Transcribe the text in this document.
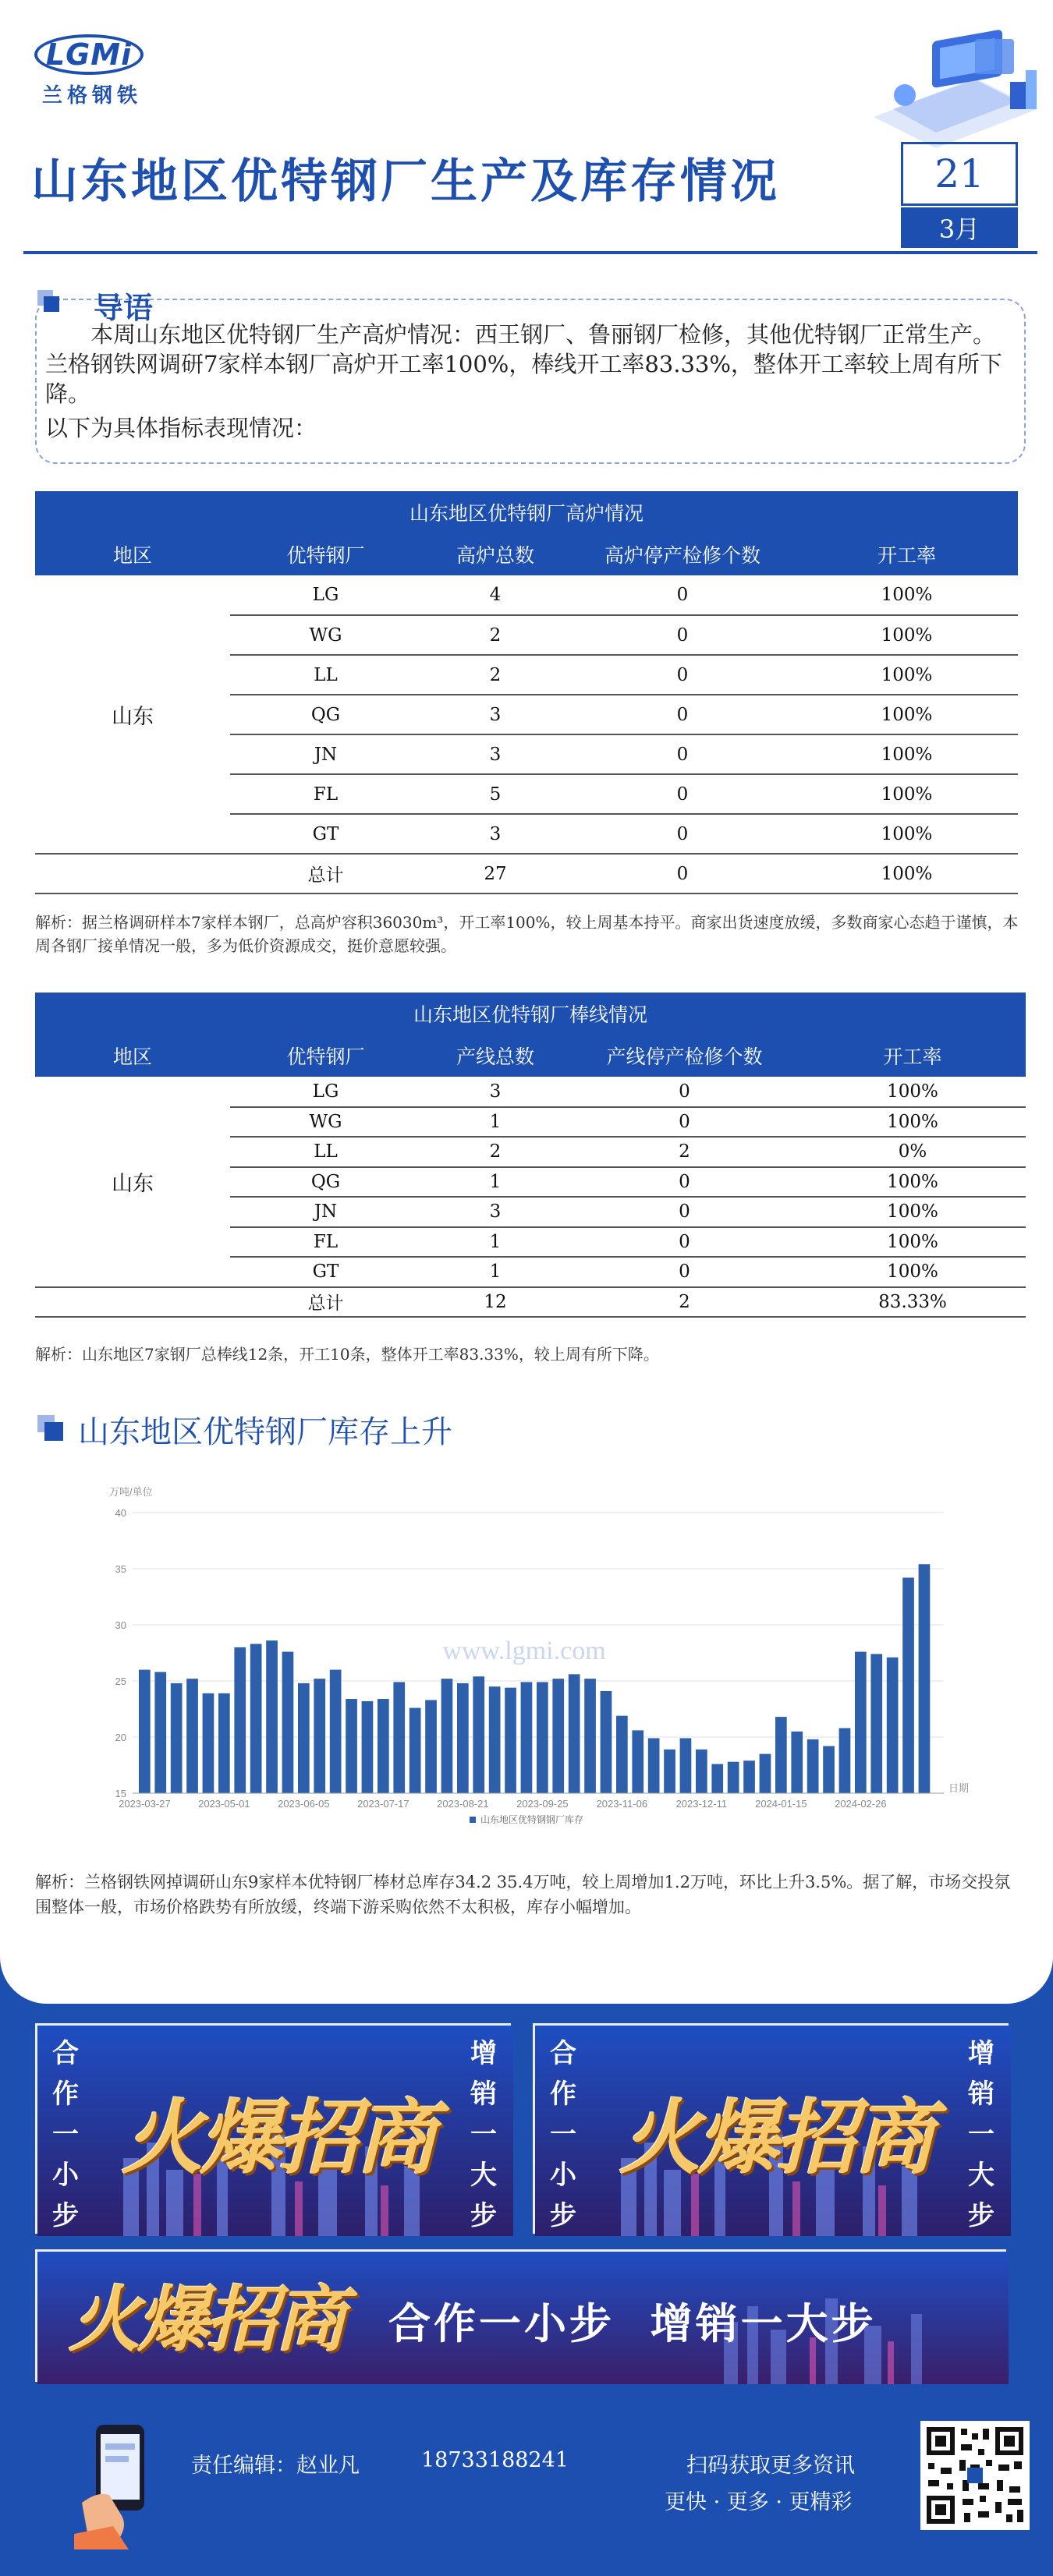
LGMi
兰格钢铁
山东地区优特钢厂生产及库存情况	21
3月
导语
本周山东地区优特钢厂生产高炉情况：西王钢厂、鲁丽钢厂检修，其他优特钢厂正常生产。兰格钢铁网调研7家样本钢厂高炉开工率100%，棒线开工率83.33%，整体开工率较上周有所下降。
以下为具体指标表现情况：
山东地区优特钢厂高炉情况				
地区	优特钢厂	高炉总数	高炉停产检修个数	开工率
山东	LG	4	0	100%
	WG	2	0	100%
	LL	2	0	100%
	QG	3	0	100%
	JN	3	0	100%
	FL	5	0	100%
	GT	3	0	100%
	总计	27	0	100%
解析：据兰格调研样本7家样本钢厂，总高炉容积36030m³，开工率100%，较上周基本持平。商家出货速度放缓，多数商家心态趋于谨慎，本周各钢厂接单情况一般，多为低价资源成交，挺价意愿较强。
山东地区优特钢厂棒线情况				
地区	优特钢厂	产线总数	产线停产检修个数	开工率
山东	LG	3	0	100%
	WG	1	0	100%
	LL	2	2	0%
	QG	1	0	100%
	JN	3	0	100%
	FL	1	0	100%
	GT	1	0	100%
	总计	12	2	83.33%
解析：山东地区7家钢厂总棒线12条，开工10条，整体开工率83.33%，较上周有所下降。
山东地区优特钢厂库存上升
15
20
25
30
35
40
万吨/单位
www.lgmi.com
2023-03-27	2023-05-01	2023-06-05	2023-07-17	2023-08-21	2023-09-25	2023-11-06	2023-12-11	2024-01-15	2024-02-26
日期
山东地区优特钢钢厂库存
解析：兰格钢铁网掉调研山东9家样本优特钢厂棒材总库存34.2 35.4万吨，较上周增加1.2万吨，环比上升3.5%。据了解，市场交投氛围整体一般，市场价格跌势有所放缓，终端下游采购依然不太积极，库存小幅增加。
合作一小步
增销一大步
火爆招商
合作一小步
增销一大步
火爆招商
火爆招商 合作一小步  增销一大步
责任编辑：赵业凡	18733188241	扫码获取更多资讯
更快 · 更多 · 更精彩
